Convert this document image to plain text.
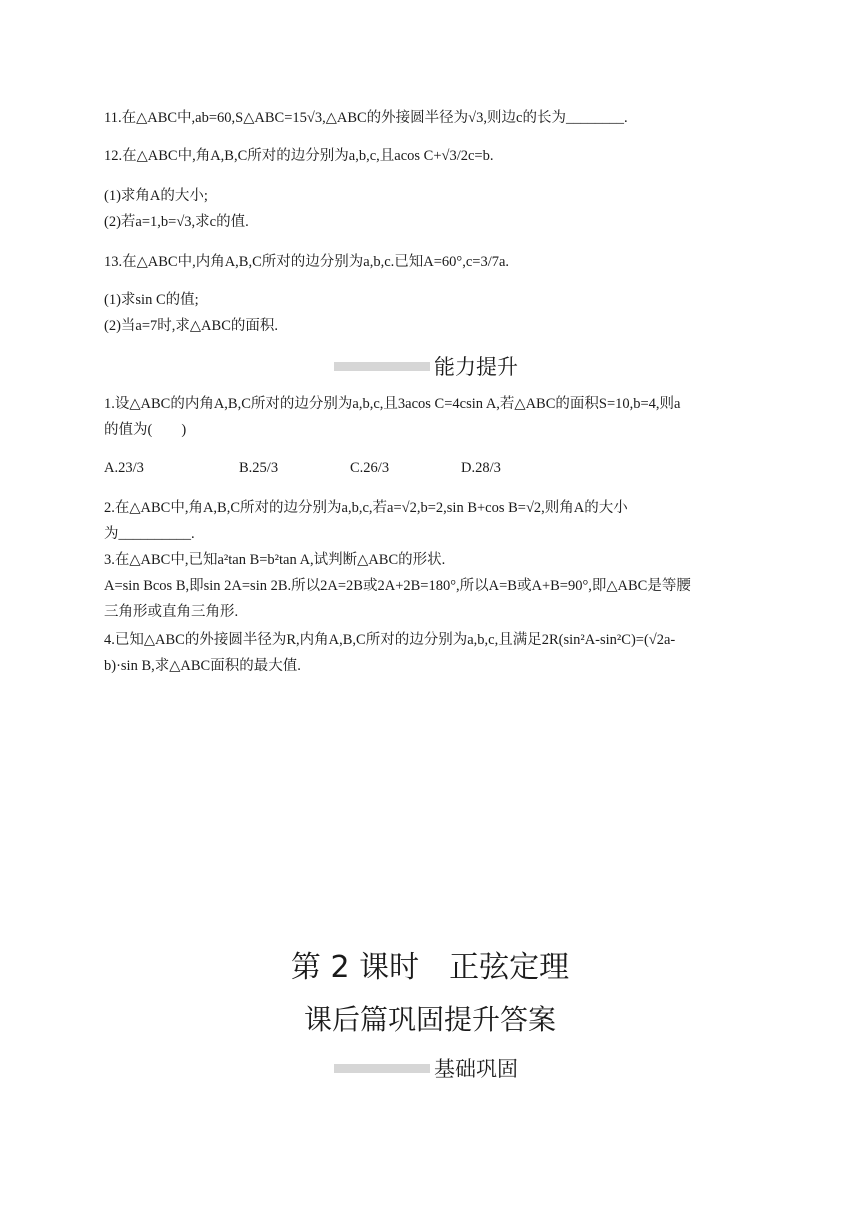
11.在△ABC中,ab=60,S△ABC=15√3,△ABC的外接圆半径为√3,则边c的长为________.
12.在△ABC中,角A,B,C所对的边分别为a,b,c,且acos C+√3/2c=b.
(1)求角A的大小;
(2)若a=1,b=√3,求c的值.
13.在△ABC中,内角A,B,C所对的边分别为a,b,c.已知A=60°,c=3/7a.
(1)求sin C的值;
(2)当a=7时,求△ABC的面积.
能力提升
1.设△ABC的内角A,B,C所对的边分别为a,b,c,且3acos C=4csin A,若△ABC的面积S=10,b=4,则a
的值为(　　)
A.23/3	B.25/3	C.26/3	D.28/3
2.在△ABC中,角A,B,C所对的边分别为a,b,c,若a=√2,b=2,sin B+cos B=√2,则角A的大小
为__________.
3.在△ABC中,已知a²tan B=b²tan A,试判断△ABC的形状.
A=sin Bcos B,即sin 2A=sin 2B.所以2A=2B或2A+2B=180°,所以A=B或A+B=90°,即△ABC是等腰
三角形或直角三角形.
4.已知△ABC的外接圆半径为R,内角A,B,C所对的边分别为a,b,c,且满足2R(sin²A-sin²C)=(√2a-
b)·sin B,求△ABC面积的最大值.
第 2 课时　正弦定理
课后篇巩固提升答案
基础巩固
